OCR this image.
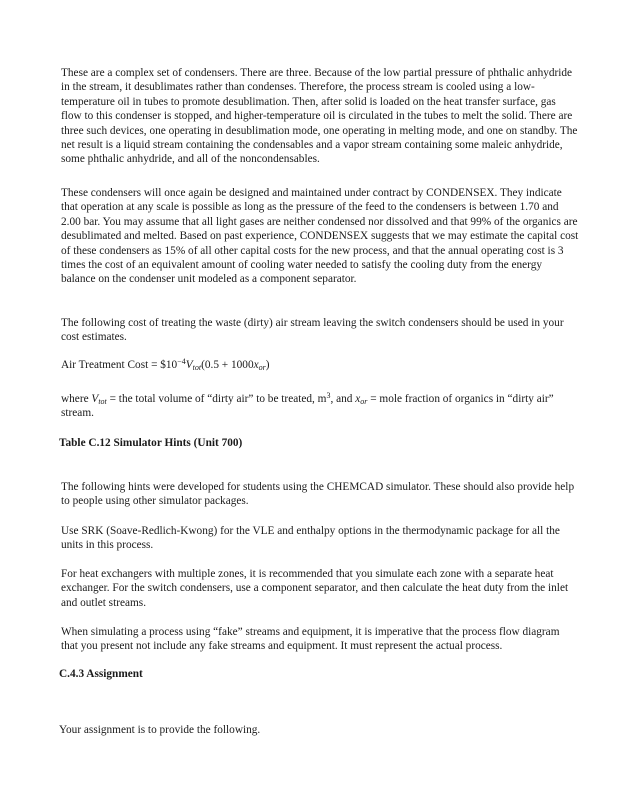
These are a complex set of condensers. There are three. Because of the low partial pressure of phthalic anhydride in the stream, it desublimates rather than condenses. Therefore, the process stream is cooled using a low-temperature oil in tubes to promote desublimation. Then, after solid is loaded on the heat transfer surface, gas flow to this condenser is stopped, and higher-temperature oil is circulated in the tubes to melt the solid. There are three such devices, one operating in desublimation mode, one operating in melting mode, and one on standby. The net result is a liquid stream containing the condensables and a vapor stream containing some maleic anhydride, some phthalic anhydride, and all of the noncondensables.

These condensers will once again be designed and maintained under contract by CONDENSEX. They indicate that operation at any scale is possible as long as the pressure of the feed to the condensers is between 1.70 and 2.00 bar. You may assume that all light gases are neither condensed nor dissolved and that 99% of the organics are desublimated and melted. Based on past experience, CONDENSEX suggests that we may estimate the capital cost of these condensers as 15% of all other capital costs for the new process, and that the annual operating cost is 3 times the cost of an equivalent amount of cooling water needed to satisfy the cooling duty from the energy balance on the condenser unit modeled as a component separator.

The following cost of treating the waste (dirty) air stream leaving the switch condensers should be used in your cost estimates.

Air Treatment Cost = $\$10^{-4}V_{tot}(0.5 + 1000x_{or})$

where $V_{tot}$ = the total volume of “dirty air” to be treated, $m^3$, and $x_{or}$ = mole fraction of organics in “dirty air” stream.

Table C.12 Simulator Hints (Unit 700)

The following hints were developed for students using the CHEMCAD simulator. These should also provide help to people using other simulator packages.

Use SRK (Soave-Redlich-Kwong) for the VLE and enthalpy options in the thermodynamic package for all the units in this process.

For heat exchangers with multiple zones, it is recommended that you simulate each zone with a separate heat exchanger. For the switch condensers, use a component separator, and then calculate the heat duty from the inlet and outlet streams.

When simulating a process using “fake” streams and equipment, it is imperative that the process flow diagram that you present not include any fake streams and equipment. It must represent the actual process.

C.4.3 Assignment

Your assignment is to provide the following.
